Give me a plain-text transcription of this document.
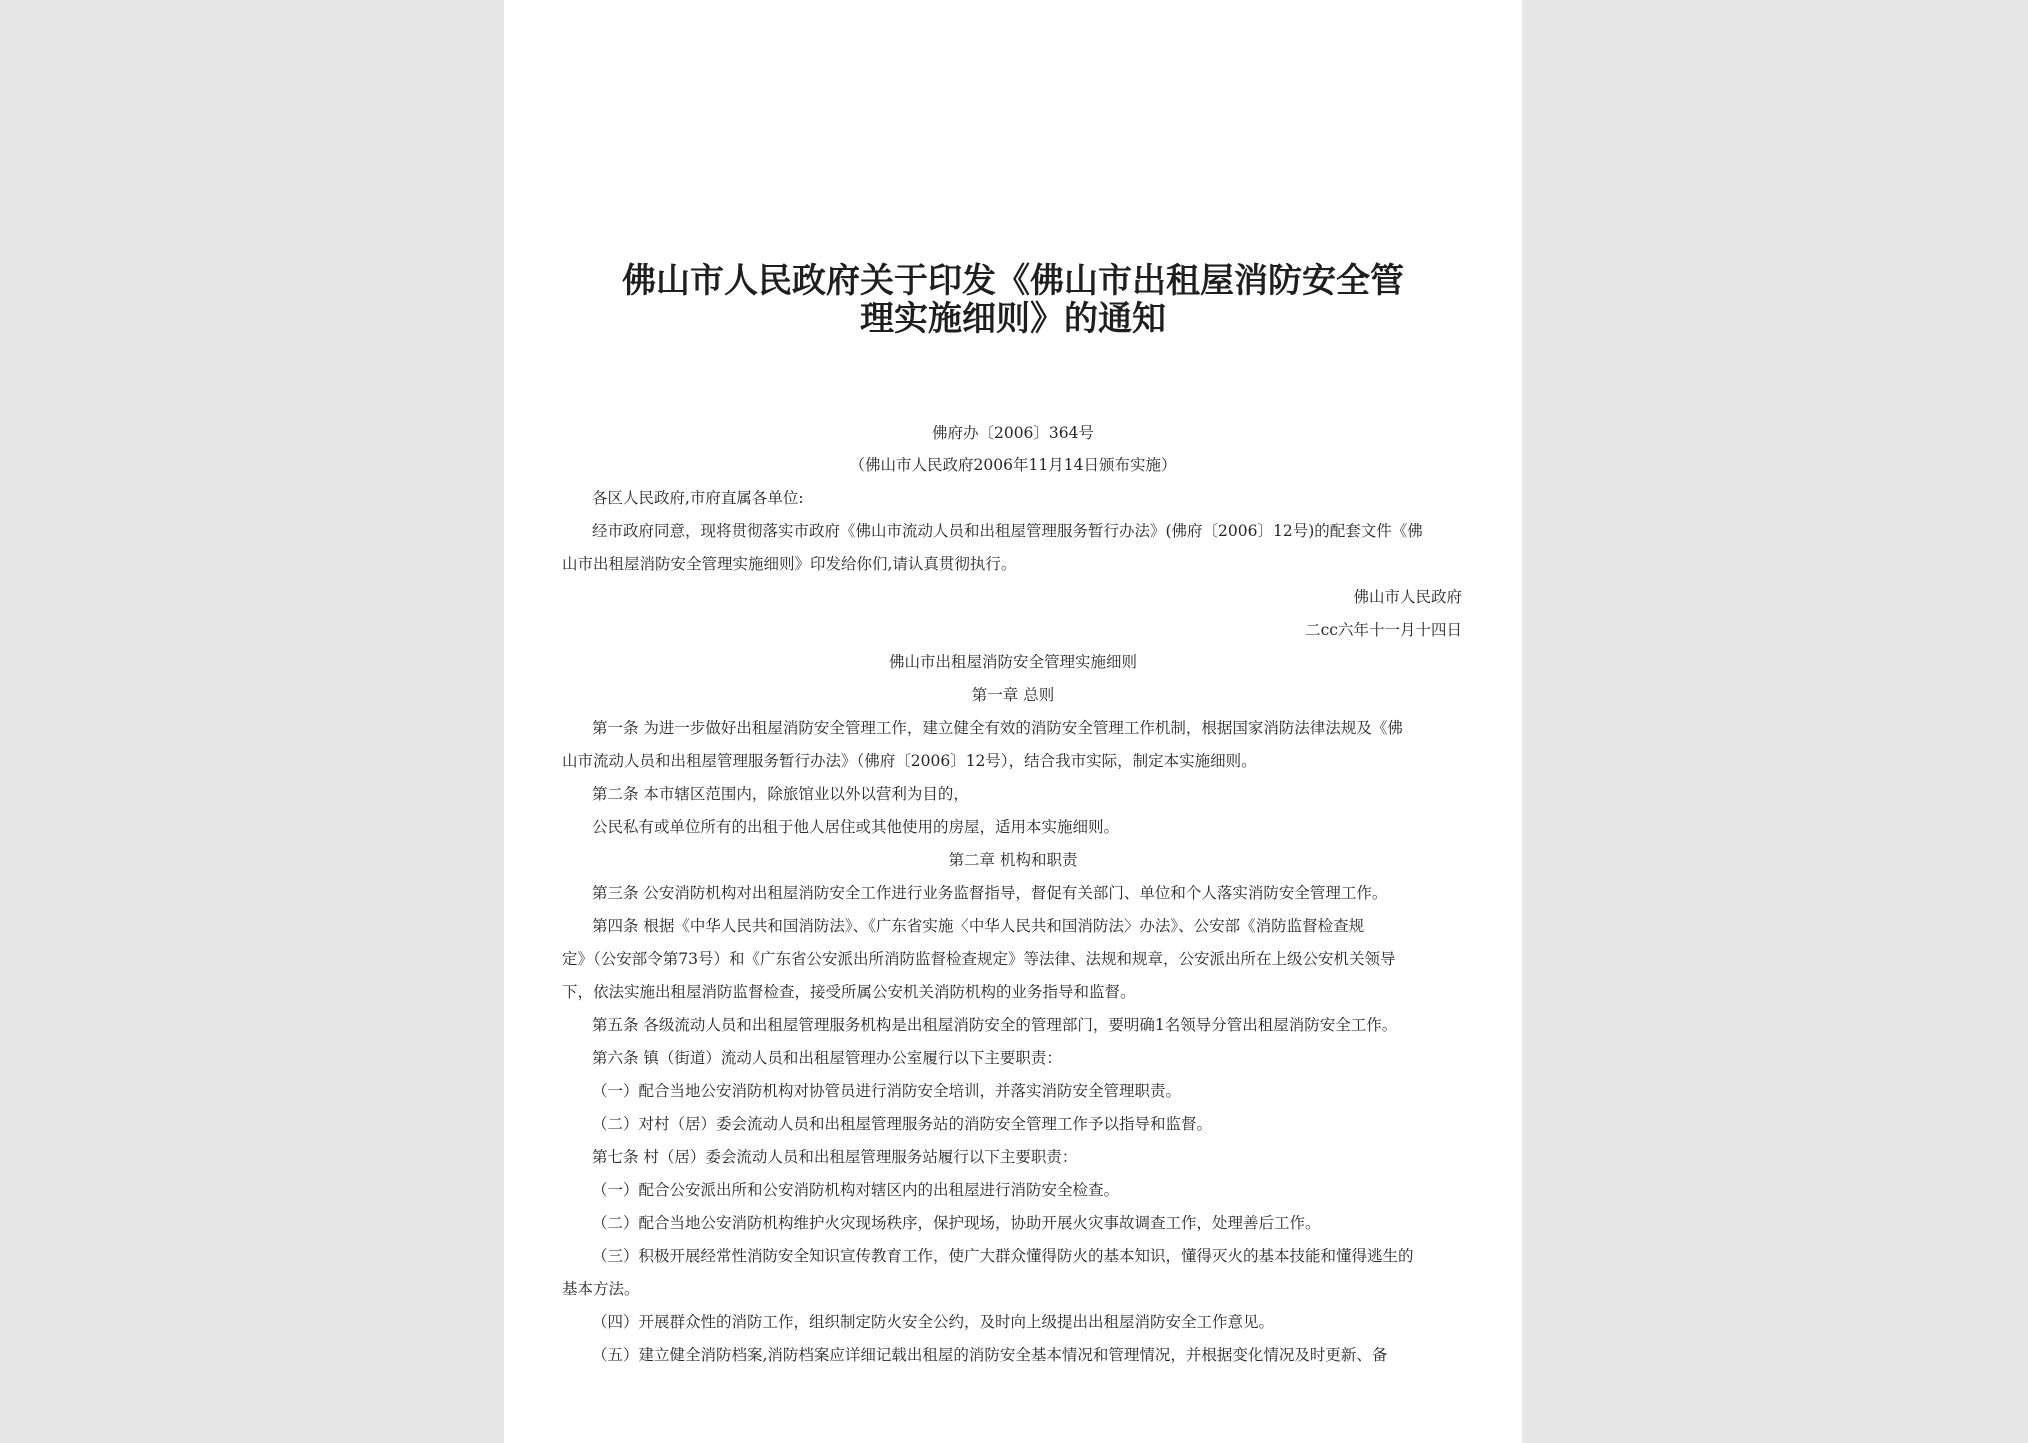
佛山市人民政府关于印发《佛山市出租屋消防安全管
理实施细则》的通知
佛府办〔2006〕364号
（佛山市人民政府2006年11月14日颁布实施）
各区人民政府,市府直属各单位:
经市政府同意，现将贯彻落实市政府《佛山市流动人员和出租屋管理服务暂行办法》(佛府〔2006〕12号)的配套文件《佛
山市出租屋消防安全管理实施细则》印发给你们,请认真贯彻执行。
佛山市人民政府
二cc六年十一月十四日
佛山市出租屋消防安全管理实施细则
第一章 总则
第一条 为进一步做好出租屋消防安全管理工作，建立健全有效的消防安全管理工作机制，根据国家消防法律法规及《佛
山市流动人员和出租屋管理服务暂行办法》（佛府〔2006〕12号），结合我市实际，制定本实施细则。
第二条 本市辖区范围内，除旅馆业以外以营利为目的，
公民私有或单位所有的出租于他人居住或其他使用的房屋，适用本实施细则。
第二章 机构和职责
第三条 公安消防机构对出租屋消防安全工作进行业务监督指导，督促有关部门、单位和个人落实消防安全管理工作。
第四条 根据《中华人民共和国消防法》、《广东省实施〈中华人民共和国消防法〉办法》、公安部《消防监督检查规
定》（公安部令第73号）和《广东省公安派出所消防监督检查规定》等法律、法规和规章，公安派出所在上级公安机关领导
下，依法实施出租屋消防监督检查，接受所属公安机关消防机构的业务指导和监督。
第五条 各级流动人员和出租屋管理服务机构是出租屋消防安全的管理部门，要明确1名领导分管出租屋消防安全工作。
第六条 镇（街道）流动人员和出租屋管理办公室履行以下主要职责：
（一）配合当地公安消防机构对协管员进行消防安全培训，并落实消防安全管理职责。
（二）对村（居）委会流动人员和出租屋管理服务站的消防安全管理工作予以指导和监督。
第七条 村（居）委会流动人员和出租屋管理服务站履行以下主要职责：
（一）配合公安派出所和公安消防机构对辖区内的出租屋进行消防安全检查。
（二）配合当地公安消防机构维护火灾现场秩序，保护现场，协助开展火灾事故调查工作，处理善后工作。
（三）积极开展经常性消防安全知识宣传教育工作，使广大群众懂得防火的基本知识，懂得灭火的基本技能和懂得逃生的
基本方法。
（四）开展群众性的消防工作，组织制定防火安全公约，及时向上级提出出租屋消防安全工作意见。
（五）建立健全消防档案,消防档案应详细记载出租屋的消防安全基本情况和管理情况，并根据变化情况及时更新、备
